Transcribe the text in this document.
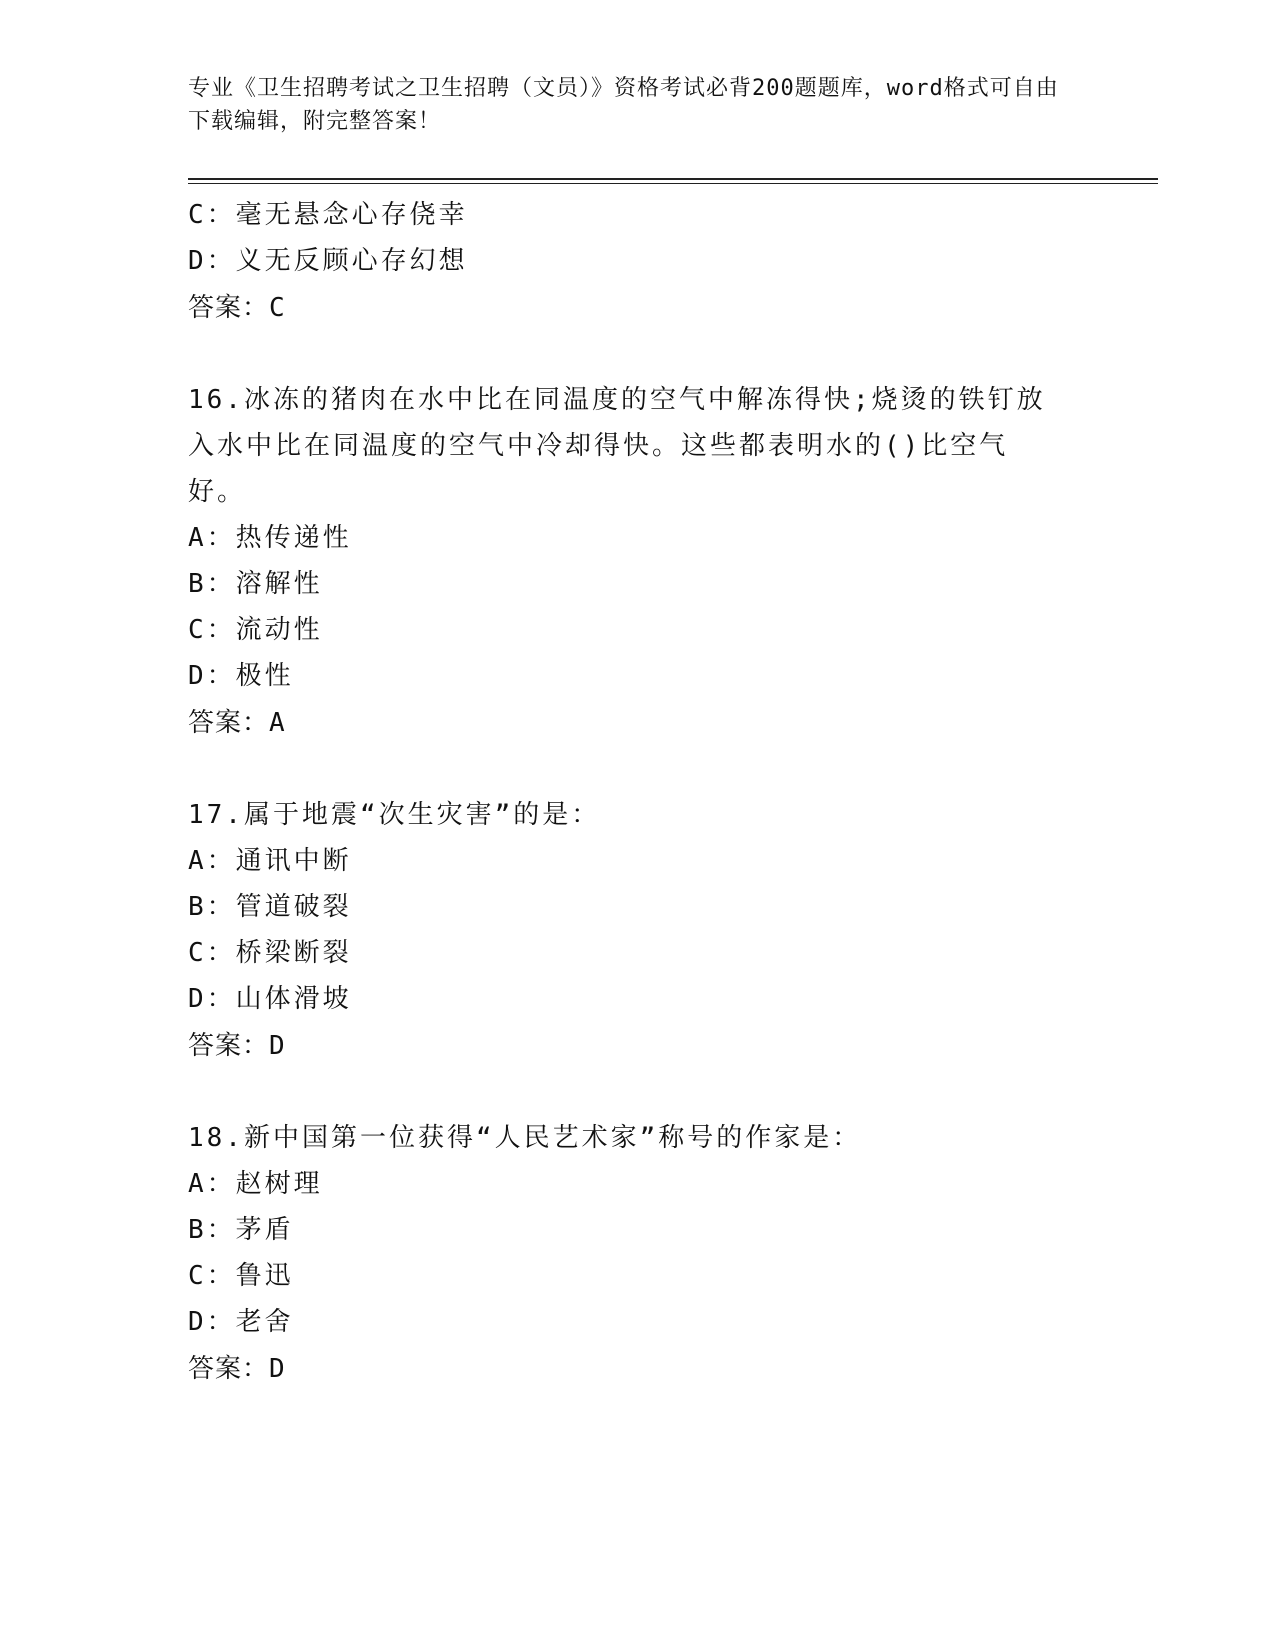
专业《卫生招聘考试之卫生招聘（文员）》资格考试必背200题题库，word格式可自由下载编辑，附完整答案！

C：毫无悬念心存侥幸

D：义无反顾心存幻想

答案：C

16.冰冻的猪肉在水中比在同温度的空气中解冻得快;烧烫的铁钉放入水中比在同温度的空气中冷却得快。这些都表明水的()比空气好。

A：热传递性

B：溶解性

C：流动性

D：极性

答案：A

17.属于地震“次生灾害”的是：

A：通讯中断

B：管道破裂

C：桥梁断裂

D：山体滑坡

答案：D

18.新中国第一位获得“人民艺术家”称号的作家是：

A：赵树理

B：茅盾

C：鲁迅

D：老舍

答案：D
